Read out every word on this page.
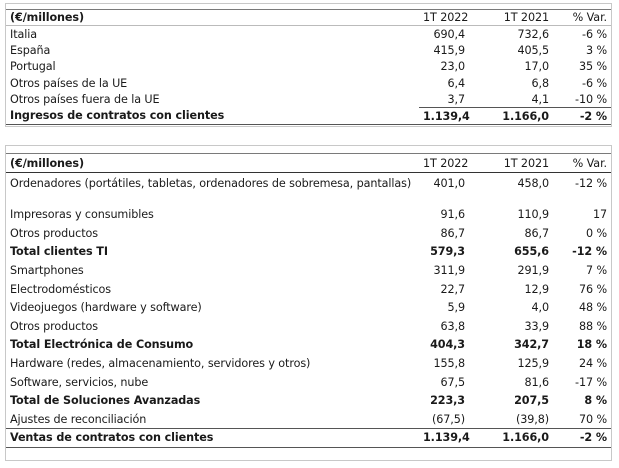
(€/millones)	1T 2022	1T 2021	% Var.
Italia	690,4	732,6	-6 %
España	415,9	405,5	3 %
Portugal	23,0	17,0	35 %
Otros países de la UE	6,4	6,8	-6 %
Otros países fuera de la UE	3,7	4,1	-10 %
Ingresos de contratos con clientes	1.139,4	1.166,0	-2 %
(€/millones)	1T 2022	1T 2021	% Var.
Ordenadores (portátiles, tabletas, ordenadores de sobremesa, pantallas)	401,0	458,0	-12 %
Impresoras y consumibles	91,6	110,9	17
Otros productos	86,7	86,7	0 %
Total clientes TI	579,3	655,6	-12 %
Smartphones	311,9	291,9	7 %
Electrodomésticos	22,7	12,9	76 %
Videojuegos (hardware y software)	5,9	4,0	48 %
Otros productos	63,8	33,9	88 %
Total Electrónica de Consumo	404,3	342,7	18 %
Hardware (redes, almacenamiento, servidores y otros)	155,8	125,9	24 %
Software, servicios, nube	67,5	81,6	-17 %
Total de Soluciones Avanzadas	223,3	207,5	8 %
Ajustes de reconciliación	(67,5)	(39,8)	70 %
Ventas de contratos con clientes	1.139,4	1.166,0	-2 %
